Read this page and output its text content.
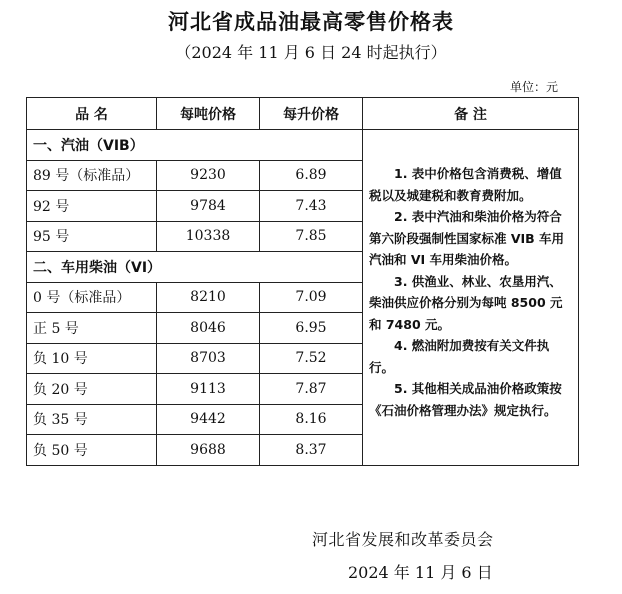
河北省成品油最高零售价格表
（2024 年 11 月 6 日 24 时起执行）
单位：元
品 名	每吨价格	每升价格	备 注
一、汽油（VIB）			1. 表中价格包含消费税、增值税以及城建税和教育费附加。
2. 表中汽油和柴油价格为符合第六阶段强制性国家标准 VIB 车用汽油和 VI 车用柴油价格。
3. 供渔业、林业、农垦用汽、柴油供应价格分别为每吨 8500 元和 7480 元。
4. 燃油附加费按有关文件执行。
5. 其他相关成品油价格政策按《石油价格管理办法》规定执行。

89 号（标准品）	9230	6.89	
92 号	9784	7.43	
95 号	10338	7.85	
二、车用柴油（VI）			
0 号（标准品）	8210	7.09	
正 5 号	8046	6.95	
负 10 号	8703	7.52	
负 20 号	9113	7.87	
负 35 号	9442	8.16	
负 50 号	9688	8.37	
河北省发展和改革委员会
2024 年 11 月 6 日
